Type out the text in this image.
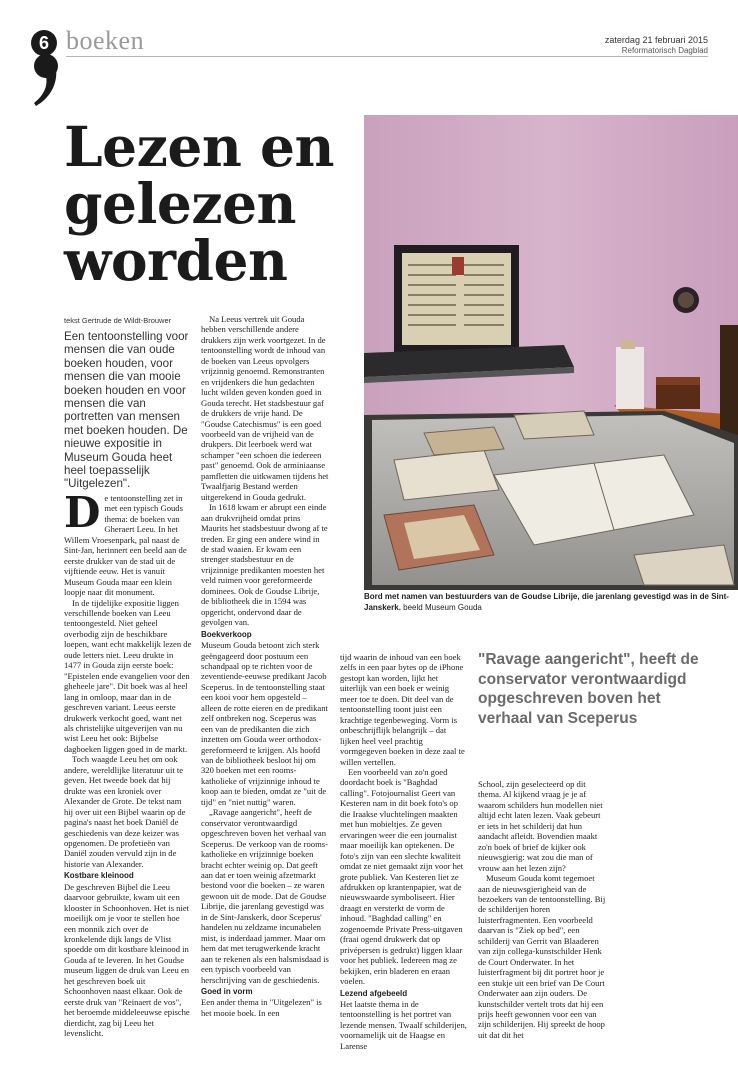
6 boeken	zaterdag 21 februari 2015
Reformatorisch Dagblad
Lezen en gelezen worden
tekst Gertrude de Wildt-Brouwer
Een tentoonstelling voor mensen die van oude boeken houden, voor mensen die van mooie boeken houden en voor mensen die van portretten van mensen met boeken houden. De nieuwe expositie in Museum Gouda heet heel toepasselijk "Uitgelezen".
Bord met namen van bestuurders van de Goudse Librije, die jarenlang gevestigd was in de Sint-Janskerk. beeld Museum Gouda

De tentoonstelling zet in met een typisch Gouds thema: de boeken van Gheraert Leeu. In het Willem Vroesenpark, pal naast de Sint-Jan, herinnert een beeld aan de eerste drukker van de stad uit de vijftiende eeuw. Het is vanuit Museum Gouda maar een klein loopje naar dit monument.

In de tijdelijke expositie liggen verschillende boeken van Leeu tentoongesteld. Niet geheel overbodig zijn de beschikbare loepen, want echt makkelijk lezen de oude letters niet. Leeu drukte in 1477 in Gouda zijn eerste boek: "Epistelen ende evangelien voor den gheheele jare". Dit boek was al heel lang in omloop, maar dan in de geschreven variant. Leeus eerste drukwerk verkocht goed, want net als christelijke uitgeverijen van nu wist Leeu het ook: Bijbelse dagboeken liggen goed in de markt.

Toch waagde Leeu het om ook andere, wereldlijke literatuur uit te geven. Het tweede boek dat hij drukte was een kroniek over Alexander de Grote. De tekst nam hij over uit een Bijbel waarin op de pagina's naast het boek Daniël de geschiedenis van deze keizer was opgenomen. De profetieën van Daniël zouden vervuld zijn in de historie van Alexander.

Kostbare kleinood

De geschreven Bijbel die Leeu daarvoor gebruikte, kwam uit een klooster in Schoonhoven. Het is niet moeilijk om je voor te stellen hoe een monnik zich over de kronkelende dijk langs de Vlist spoedde om dit kostbare kleinood in Gouda af te leveren. In het Goudse museum liggen de druk van Leeu en het geschreven boek uit Schoonhoven naast elkaar. Ook de eerste druk van "Reinaert de vos", het beroemde middeleeuwse epische dierdicht, zag bij Leeu het levenslicht.

Na Leeus vertrek uit Gouda hebben verschillende andere drukkers zijn werk voortgezet. In de tentoonstelling wordt de inhoud van de boeken van Leeus opvolgers vrijzinnig genoemd. Remonstranten en vrijdenkers die hun gedachten lucht wilden geven konden goed in Gouda terecht. Het stadsbestuur gaf de drukkers de vrije hand. De "Goudse Catechismus" is een goed voorbeeld van de vrijheid van de drukpers. Dit leerboek werd wat schamper "een schoen die iedereen past" genoemd. Ook de arminiaanse pamfletten die uitkwamen tijdens het Twaalfjarig Bestand werden uitgerekend in Gouda gedrukt.

In 1618 kwam er abrupt een einde aan drukvrijheid omdat prins Maurits het stadsbestuur dwong af te treden. Er ging een andere wind in de stad waaien. Er kwam een strenger stadsbestuur en de vrijzinnige predikanten moesten het veld ruimen voor gereformeerde dominees. Ook de Goudse Librije, de bibliotheek die in 1594 was opgericht, ondervond daar de gevolgen van.

Boekverkoop

Museum Gouda betoont zich sterk geëngageerd door postuum een schandpaal op te richten voor de zeventiende-eeuwse predikant Jacob Sceperus. In de tentoonstelling staat een kooi voor hem opgesteld – alleen de rotte eieren en de predikant zelf ontbreken nog. Sceperus was een van de predikanten die zich inzetten om Gouda weer orthodox-gereformeerd te krijgen. Als hoofd van de bibliotheek besloot hij om 320 boeken met een rooms-katholieke of vrijzinnige inhoud te koop aan te bieden, omdat ze "uit de tijd" en "niet nuttig" waren.

„Ravage aangericht", heeft de conservator verontwaardigd opgeschreven boven het verhaal van Sceperus. De verkoop van de rooms-katholieke en vrijzinnige boeken bracht echter weinig op. Dat geeft aan dat er toen weinig afzetmarkt bestond voor die boeken – ze waren gewoon uit de mode. Dat de Goudse Librije, die jarenlang gevestigd was in de Sint-Janskerk, door Sceperus' handelen nu zeldzame incunabelen mist, is inderdaad jammer. Maar om hem dat met terugwerkende kracht aan te rekenen als een halsmisdaad is een typisch voorbeeld van herschrijving van de geschiedenis.

Goed in vorm

Een ander thema in "Uitgelezen" is het mooie boek. In een

tijd waarin de inhoud van een boek zelfs in een paar bytes op de iPhone gestopt kan worden, lijkt het uiterlijk van een boek er weinig meer toe te doen. Dit deel van de tentoonstelling toont juist een krachtige tegenbeweging. Vorm is onbeschrijflijk belangrijk – dat lijken heel veel prachtig vormgegeven boeken in deze zaal te willen vertellen.

Een voorbeeld van zo'n goed doordacht boek is "Baghdad calling". Fotojournalist Geert van Kesteren nam in dit boek foto's op die Iraakse vluchtelingen maakten met hun mobieltjes. Ze geven ervaringen weer die een journalist maar moeilijk kan optekenen. De foto's zijn van een slechte kwaliteit omdat ze niet gemaakt zijn voor het grote publiek. Van Kesteren liet ze afdrukken op krantenpapier, wat de nieuwswaarde symboliseert. Hier draagt en versterkt de vorm de inhoud. "Baghdad calling" en zogenoemde Private Press-uitgaven (fraai ogend drukwerk dat op privépersen is gedrukt) liggen klaar voor het publiek. Iedereen mag ze bekijken, erin bladeren en eraan voelen.

Lezend afgebeeld

Het laatste thema in de tentoonstelling is het portret van lezende mensen. Twaalf schilderijen, voornamelijk uit de Haagse en Larense

"Ravage aangericht", heeft de conservator verontwaardigd opgeschreven boven het verhaal van Sceperus

School, zijn geselecteerd op dit thema. Al kijkend vraag je je af waarom schilders hun modellen niet altijd echt laten lezen. Vaak gebeurt er iets in het schilderij dat hun aandacht afleidt. Bovendien maakt zo'n boek of brief de kijker ook nieuwsgierig: wat zou die man of vrouw aan het lezen zijn?

Museum Gouda komt tegemoet aan de nieuwsgierigheid van de bezoekers van de tentoonstelling. Bij de schilderijen horen luisterfragmenten. Een voorbeeld daarvan is "Ziek op bed", een schilderij van Gerrit van Blaaderen van zijn collega-kunstschilder Henk de Court Onderwater. In het luisterfragment bij dit portret hoor je een stukje uit een brief van De Court Onderwater aan zijn ouders. De kunstschilder vertelt trots dat hij een prijs heeft gewonnen voor een van zijn schilderijen. Hij spreekt de hoop uit dat dit het
